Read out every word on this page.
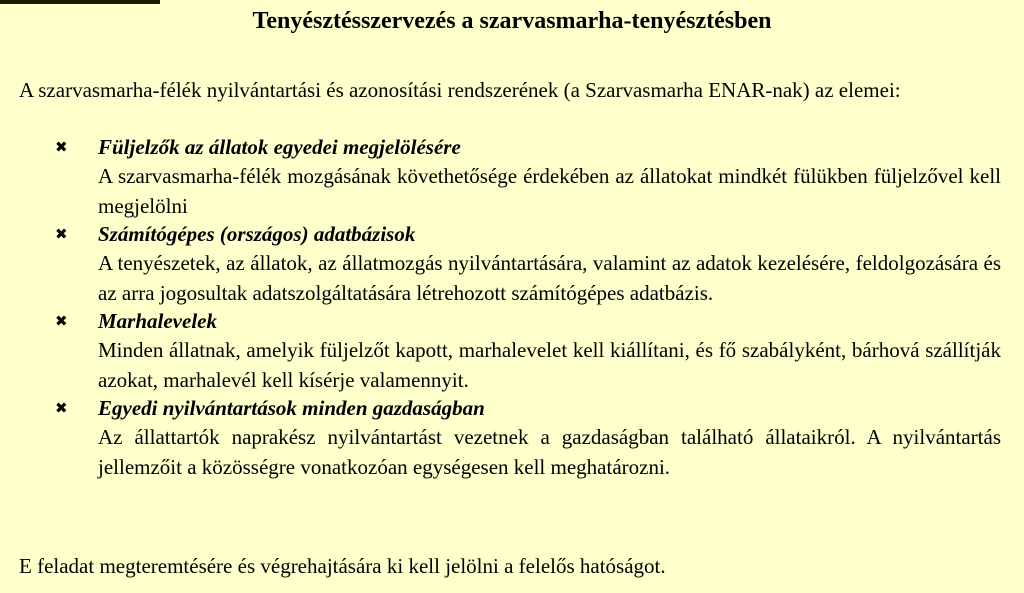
Tenyésztésszervezés a szarvasmarha-tenyésztésben

A szarvasmarha-félék nyilvántartási és azonosítási rendszerének (a Szarvasmarha ENAR-nak) az elemei:

✖ Füljelzők az állatok egyedei megjelölésére

A szarvasmarha-félék mozgásának követhetősége érdekében az állatokat mindkét fülükben füljelzővel kell megjelölni

✖ Számítógépes (országos) adatbázisok

A tenyészetek, az állatok, az állatmozgás nyilvántartására, valamint az adatok kezelésére, feldolgozására és az arra jogosultak adatszolgáltatására létrehozott számítógépes adatbázis.

✖ Marhalevelek

Minden állatnak, amelyik füljelzőt kapott, marhalevelet kell kiállítani, és fő szabályként, bárhová szállítják azokat, marhalevél kell kísérje valamennyit.

✖ Egyedi nyilvántartások minden gazdaságban

Az állattartók naprakész nyilvántartást vezetnek a gazdaságban található állataikról. A nyilvántartás jellemzőit a közösségre vonatkozóan egységesen kell meghatározni.

E feladat megteremtésére és végrehajtására ki kell jelölni a felelős hatóságot.
